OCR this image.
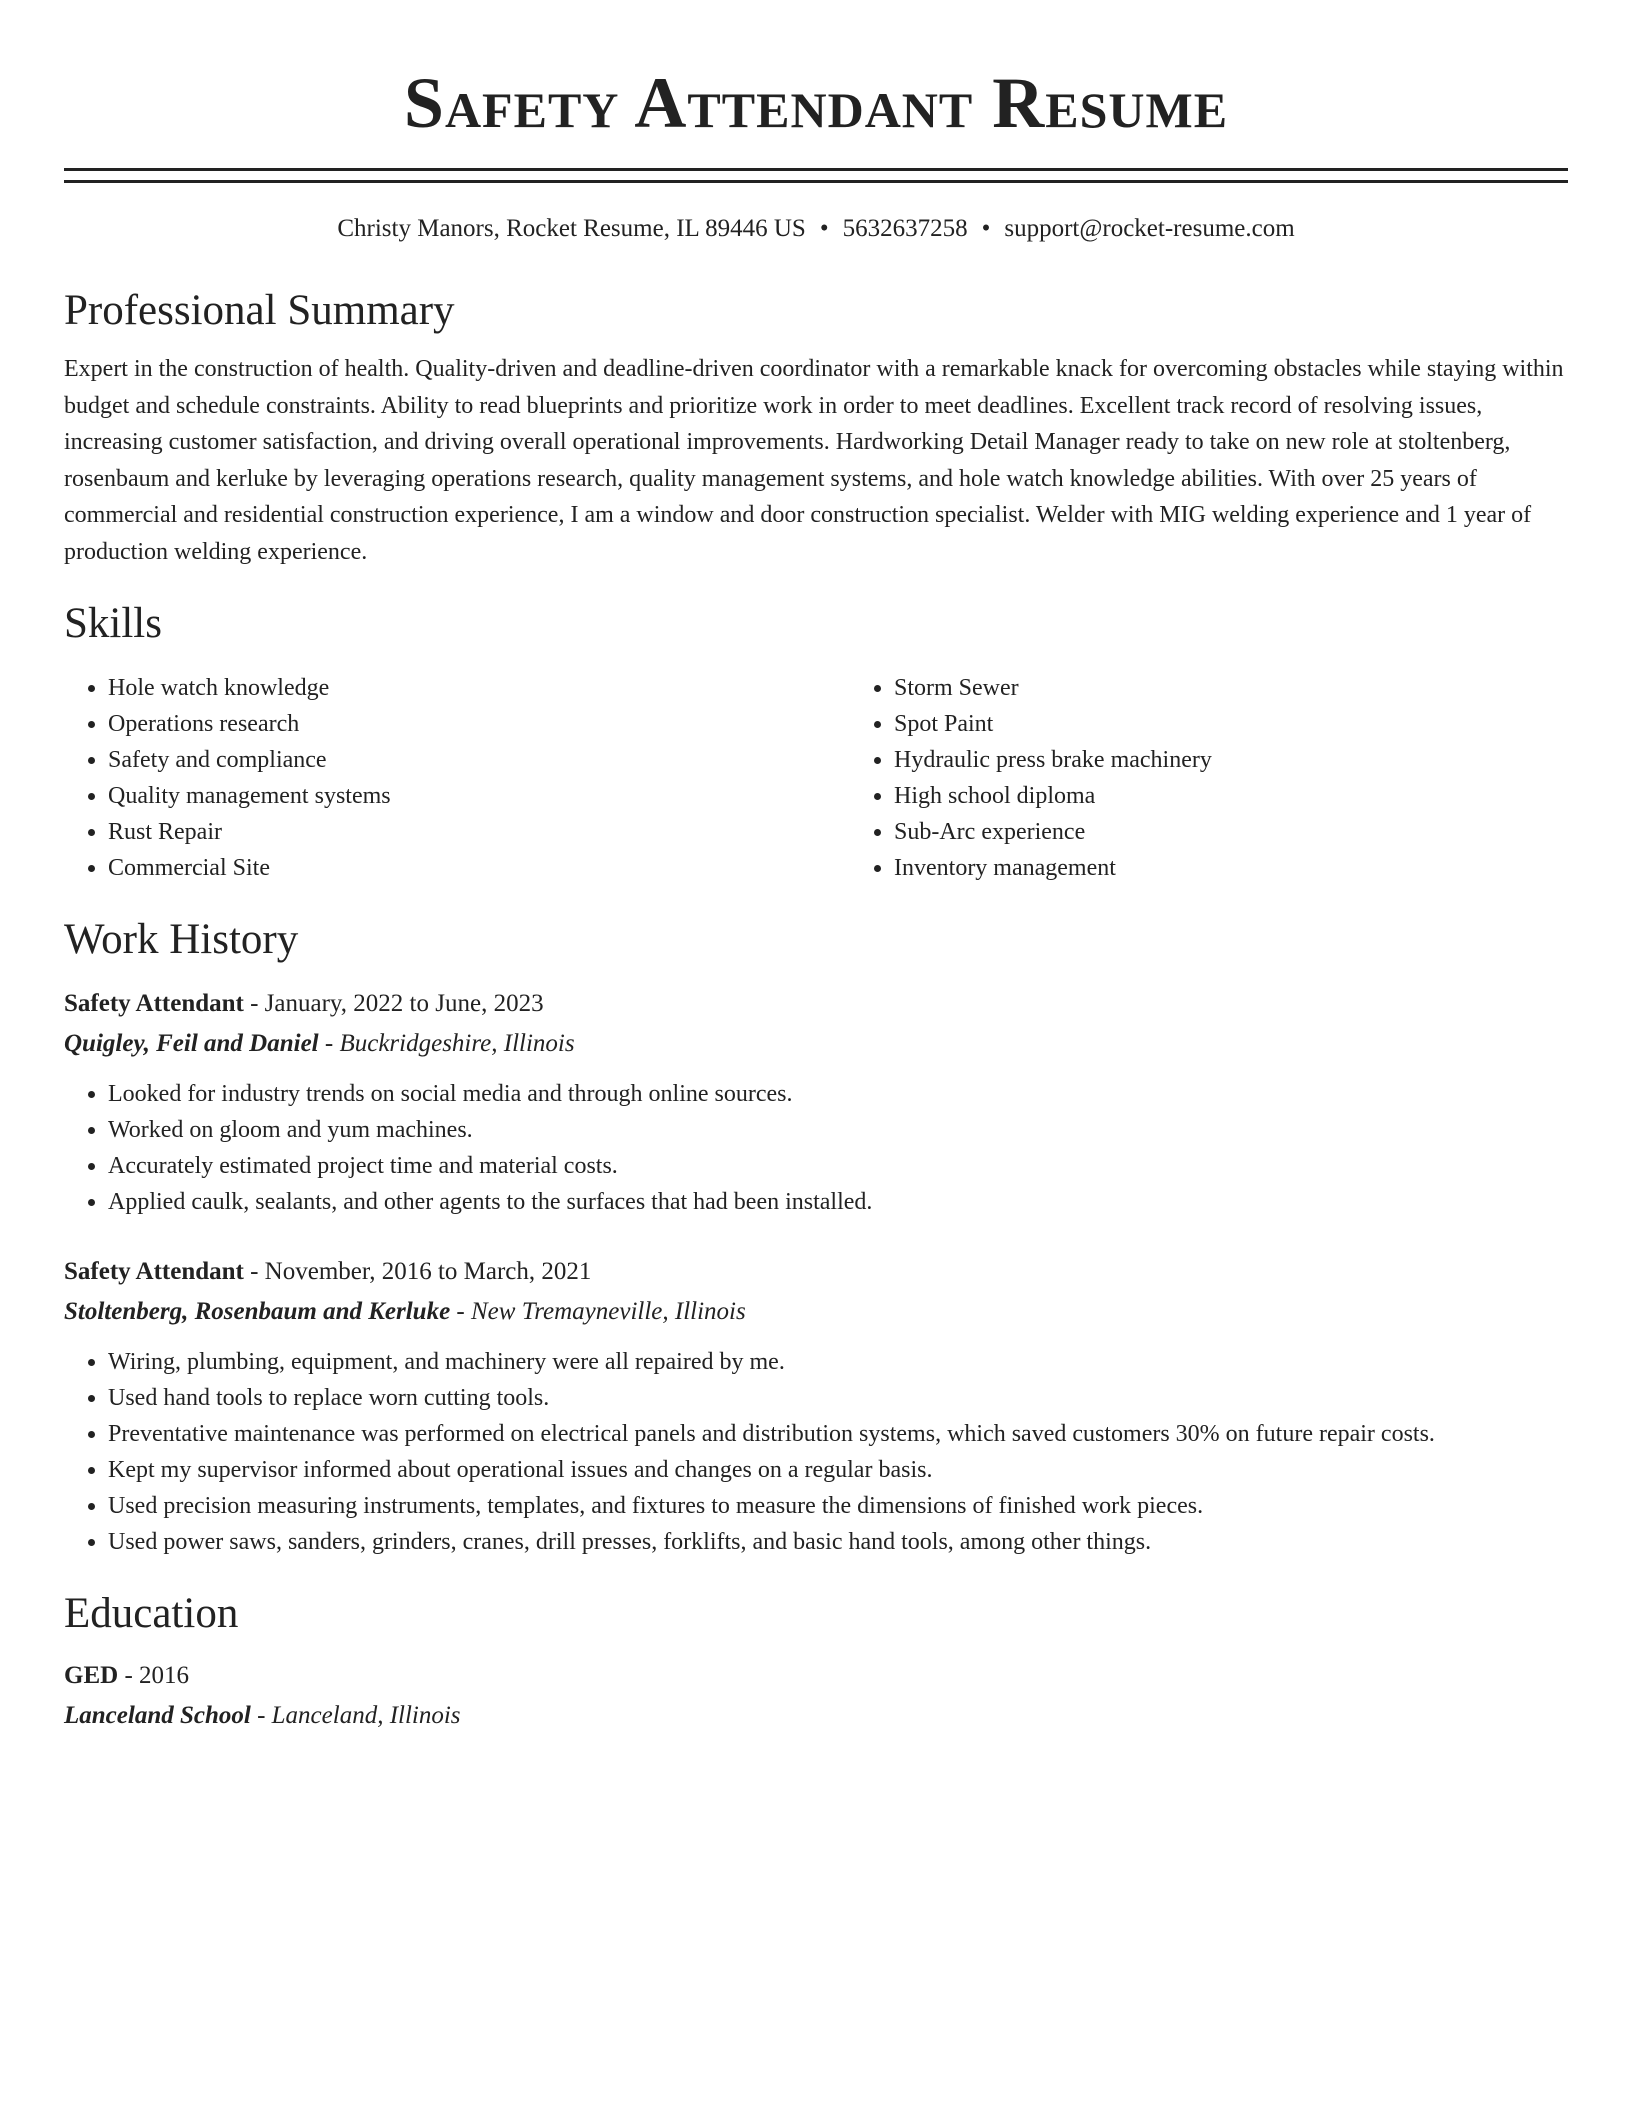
Safety Attendant Resume
Christy Manors, Rocket Resume, IL 89446 US • 5632637258 • support@rocket-resume.com
Professional Summary
Expert in the construction of health. Quality-driven and deadline-driven coordinator with a remarkable knack for overcoming obstacles while staying within budget and schedule constraints. Ability to read blueprints and prioritize work in order to meet deadlines. Excellent track record of resolving issues, increasing customer satisfaction, and driving overall operational improvements. Hardworking Detail Manager ready to take on new role at stoltenberg, rosenbaum and kerluke by leveraging operations research, quality management systems, and hole watch knowledge abilities. With over 25 years of commercial and residential construction experience, I am a window and door construction specialist. Welder with MIG welding experience and 1 year of production welding experience.
Skills
• Hole watch knowledge
• Operations research
• Safety and compliance
• Quality management systems
• Rust Repair
• Commercial Site
• Storm Sewer
• Spot Paint
• Hydraulic press brake machinery
• High school diploma
• Sub-Arc experience
• Inventory management
Work History
Safety Attendant - January, 2022 to June, 2023
Quigley, Feil and Daniel - Buckridgeshire, Illinois
• Looked for industry trends on social media and through online sources.
• Worked on gloom and yum machines.
• Accurately estimated project time and material costs.
• Applied caulk, sealants, and other agents to the surfaces that had been installed.
Safety Attendant - November, 2016 to March, 2021
Stoltenberg, Rosenbaum and Kerluke - New Tremayneville, Illinois
• Wiring, plumbing, equipment, and machinery were all repaired by me.
• Used hand tools to replace worn cutting tools.
• Preventative maintenance was performed on electrical panels and distribution systems, which saved customers 30% on future repair costs.
• Kept my supervisor informed about operational issues and changes on a regular basis.
• Used precision measuring instruments, templates, and fixtures to measure the dimensions of finished work pieces.
• Used power saws, sanders, grinders, cranes, drill presses, forklifts, and basic hand tools, among other things.
Education
GED - 2016
Lanceland School - Lanceland, Illinois
